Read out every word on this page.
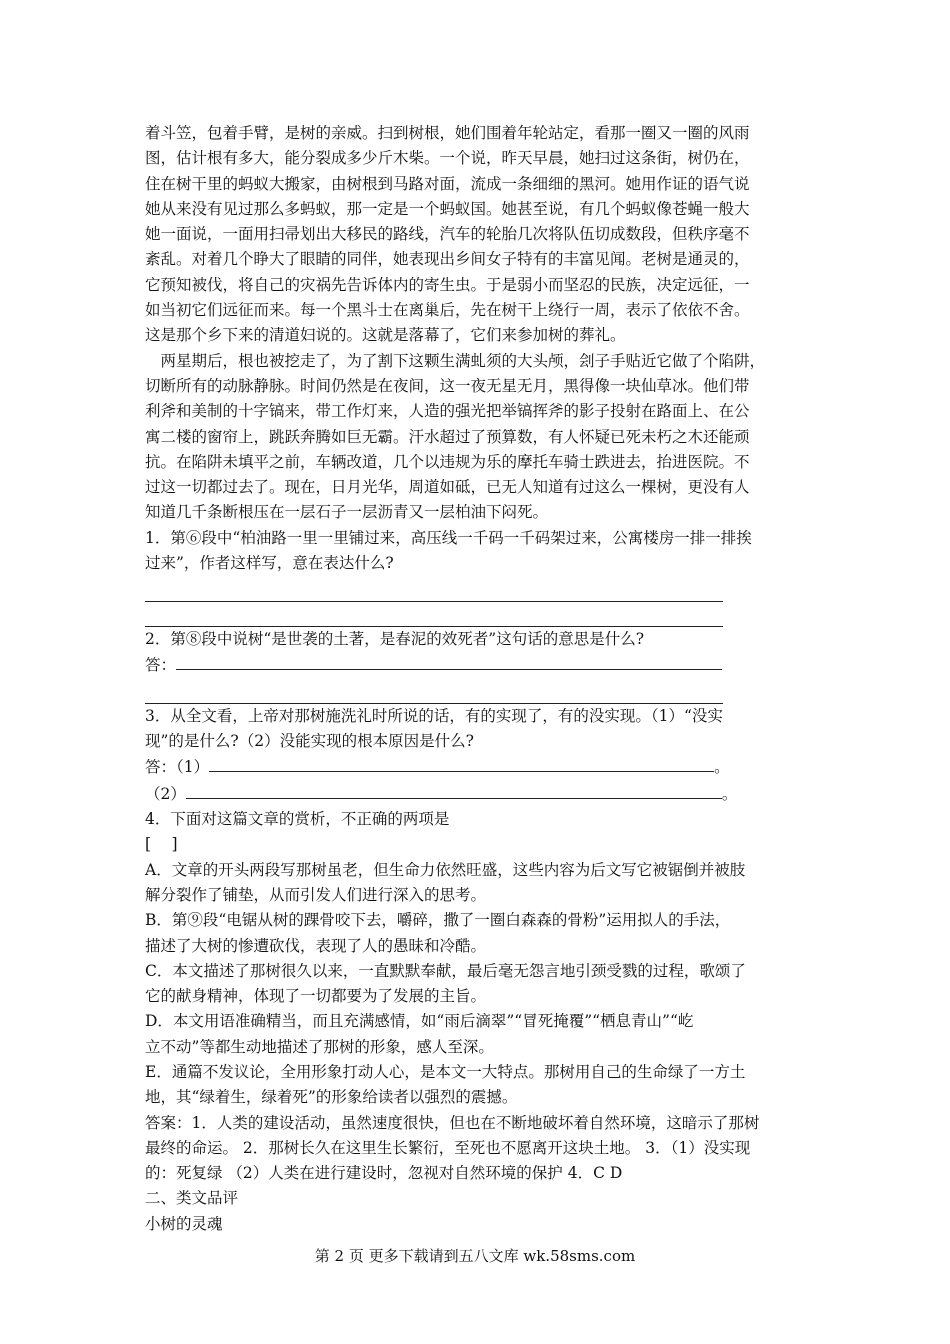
着斗笠，包着手臂，是树的亲威。扫到树根，她们围着年轮站定，看那一圈又一圈的风雨
图，估计根有多大，能分裂成多少斤木柴。一个说，昨天早晨，她扫过这条街，树仍在，
住在树干里的蚂蚁大搬家，由树根到马路对面，流成一条细细的黑河。她用作证的语气说
她从来没有见过那么多蚂蚁，那一定是一个蚂蚁国。她甚至说，有几个蚂蚁像苍蝇一般大
她一面说，一面用扫帚划出大移民的路线，汽车的轮胎几次将队伍切成数段，但秩序毫不
紊乱。对着几个睁大了眼睛的同伴，她表现出乡间女子特有的丰富见闻。老树是通灵的，
它预知被伐，将自己的灾祸先告诉体内的寄生虫。于是弱小而坚忍的民族，决定远征，一
如当初它们远征而来。每一个黑斗士在离巢后，先在树干上绕行一周，表示了依依不舍。
这是那个乡下来的清道妇说的。这就是落幕了，它们来参加树的葬礼。
　两星期后，根也被挖走了，为了割下这颗生满虬须的大头颅，刽子手贴近它做了个陷阱，
切断所有的动脉静脉。时间仍然是在夜间，这一夜无星无月，黑得像一块仙草冰。他们带
利斧和美制的十字镐来，带工作灯来，人造的强光把举镐挥斧的影子投射在路面上、在公
寓二楼的窗帘上，跳跃奔腾如巨无霸。汗水超过了预算数，有人怀疑已死未朽之木还能顽
抗。在陷阱未填平之前，车辆改道，几个以违规为乐的摩托车骑士跌进去，抬进医院。不
过这一切都过去了。现在，日月光华，周道如砥，已无人知道有过这么一棵树，更没有人
知道几千条断根压在一层石子一层沥青又一层柏油下闷死。
1．第⑥段中“柏油路一里一里铺过来，高压线一千码一千码架过来，公寓楼房一排一排挨
过来”，作者这样写，意在表达什么?
2．第⑧段中说树“是世袭的土著，是春泥的效死者”这句话的意思是什么?
答：
3．从全文看，上帝对那树施洗礼时所说的话，有的实现了，有的没实现。（1）“没实
现”的是什么?（2）没能实现的根本原因是什么?
答：（1）	。
（2）	。
4．下面对这篇文章的赏析，不正确的两项是
[　 ]
A．文章的开头两段写那树虽老，但生命力依然旺盛，这些内容为后文写它被锯倒并被肢
解分裂作了铺垫，从而引发人们进行深入的思考。
B．第⑨段“电锯从树的踝骨咬下去，嚼碎，撒了一圈白森森的骨粉”运用拟人的手法，
描述了大树的惨遭砍伐，表现了人的愚昧和冷酷。
C．本文描述了那树很久以来，一直默默奉献，最后毫无怨言地引颈受戮的过程，歌颂了
它的献身精神，体现了一切都要为了发展的主旨。
D．本文用语准确精当，而且充满感情，如“雨后滴翠”“冒死掩覆”“栖息青山”“屹
立不动”等都生动地描述了那树的形象，感人至深。
E．通篇不发议论，全用形象打动人心，是本文一大特点。那树用自己的生命绿了一方土
地，其“绿着生，绿着死”的形象给读者以强烈的震撼。
答案：1．人类的建设活动，虽然速度很快，但也在不断地破坏着自然环境，这暗示了那树
最终的命运。 2．那树长久在这里生长繁衍，至死也不愿离开这块土地。 3．（1）没实现
的：死复绿 （2）人类在进行建设时，忽视对自然环境的保护 4．C D
二、类文品评
小树的灵魂
第 2 页 更多下载请到五八文库 wk.58sms.com
